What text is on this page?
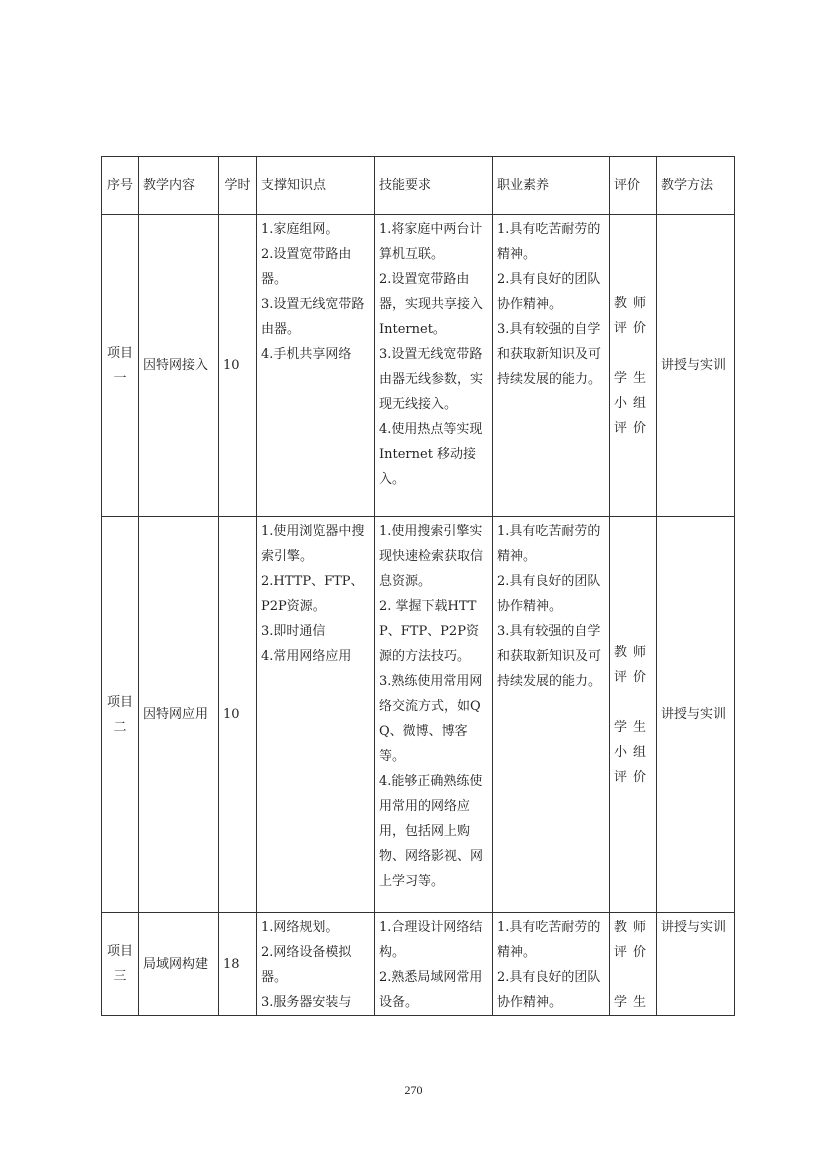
序号	教学内容	学时	支撑知识点	技能要求	职业素养	评价	教学方法
项目一	因特网接入	10	1.家庭组网。
2.设置宽带路由器。
3.设置无线宽带路由器。
4.手机共享网络	1.将家庭中两台计算机互联。
2.设置宽带路由器，实现共享接入 Internet。
3.设置无线宽带路由器无线参数，实现无线接入。
4.使用热点等实现 Internet 移动接入。	1.具有吃苦耐劳的精神。
2.具有良好的团队协作精神。
3.具有较强的自学和获取新知识及可持续发展的能力。	教师评价
学生小组评价	讲授与实训
项目二	因特网应用	10	1.使用浏览器中搜索引擎。
2.HTTP、FTP、P2P资源。
3.即时通信
4.常用网络应用	1.使用搜索引擎实现快速检索获取信息资源。
2. 掌握下载HTTP、FTP、P2P资源的方法技巧。
3.熟练使用常用网络交流方式，如QQ、微博、博客等。
4.能够正确熟练使用常用的网络应用，包括网上购物、网络影视、网上学习等。	1.具有吃苦耐劳的精神。
2.具有良好的团队协作精神。
3.具有较强的自学和获取新知识及可持续发展的能力。	教师评价
学生小组评价	讲授与实训
项目三	局域网构建	18	1.网络规划。
2.网络设备模拟器。
3.服务器安装与	1.合理设计网络结构。
2.熟悉局域网常用设备。	1.具有吃苦耐劳的精神。
2.具有良好的团队协作精神。	教师评价
学生	讲授与实训
270
